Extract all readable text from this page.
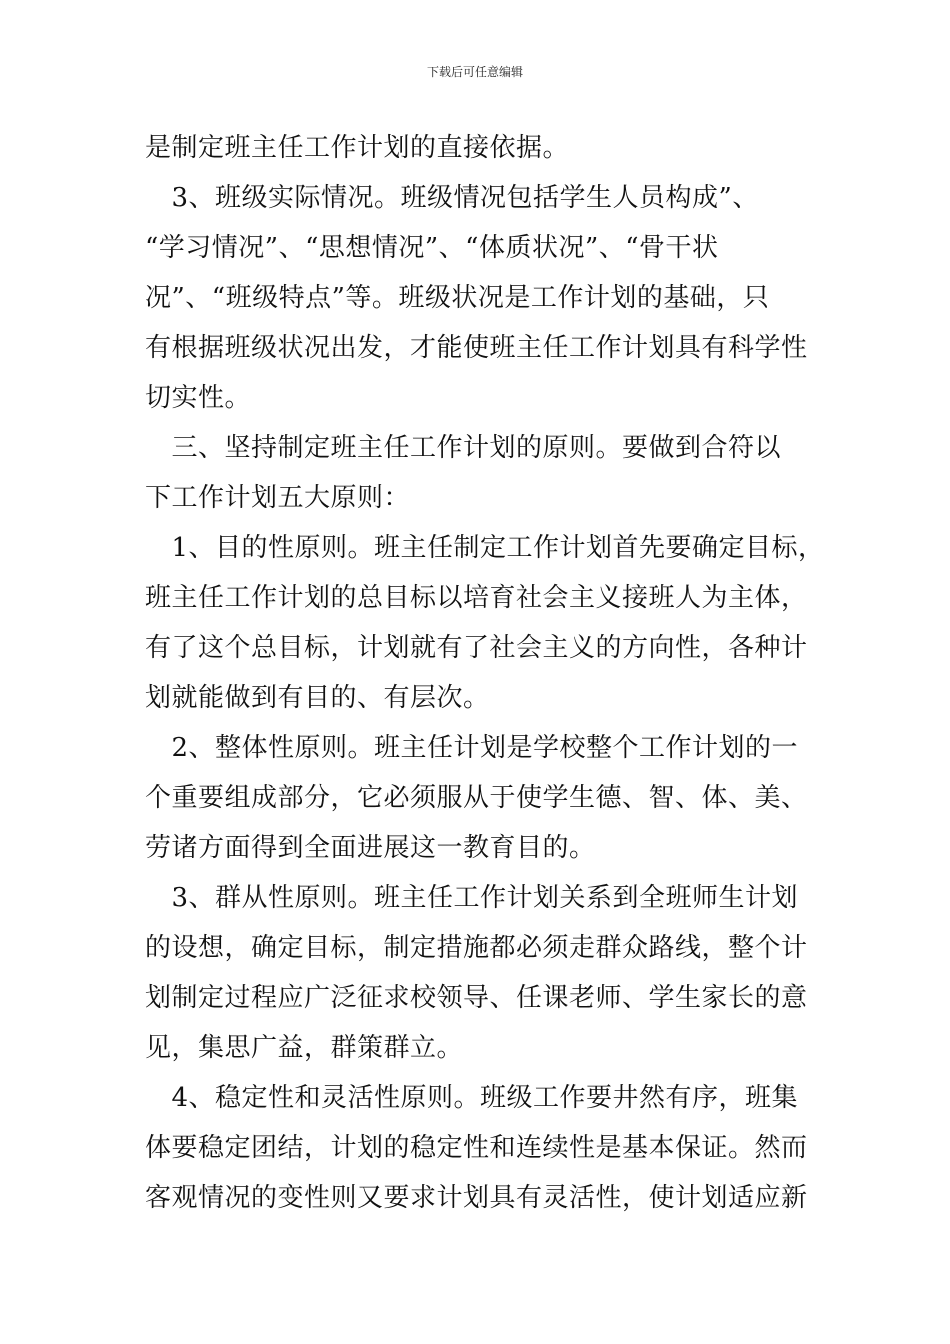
下载后可任意编辑
是制定班主任工作计划的直接依据。
　3、班级实际情况。班级情况包括学生人员构成”、
“学习情况”、“思想情况”、“体质状况”、“骨干状
况”、“班级特点”等。班级状况是工作计划的基础，只
有根据班级状况出发，才能使班主任工作计划具有科学性
切实性。
　三、坚持制定班主任工作计划的原则。要做到合符以
下工作计划五大原则：
　1、目的性原则。班主任制定工作计划首先要确定目标，
班主任工作计划的总目标以培育社会主义接班人为主体，
有了这个总目标，计划就有了社会主义的方向性，各种计
划就能做到有目的、有层次。
　2、整体性原则。班主任计划是学校整个工作计划的一
个重要组成部分，它必须服从于使学生德、智、体、美、
劳诸方面得到全面进展这一教育目的。
　3、群从性原则。班主任工作计划关系到全班师生计划
的设想，确定目标，制定措施都必须走群众路线，整个计
划制定过程应广泛征求校领导、任课老师、学生家长的意
见，集思广益，群策群立。
　4、稳定性和灵活性原则。班级工作要井然有序，班集
体要稳定团结，计划的稳定性和连续性是基本保证。然而
客观情况的变性则又要求计划具有灵活性，使计划适应新
